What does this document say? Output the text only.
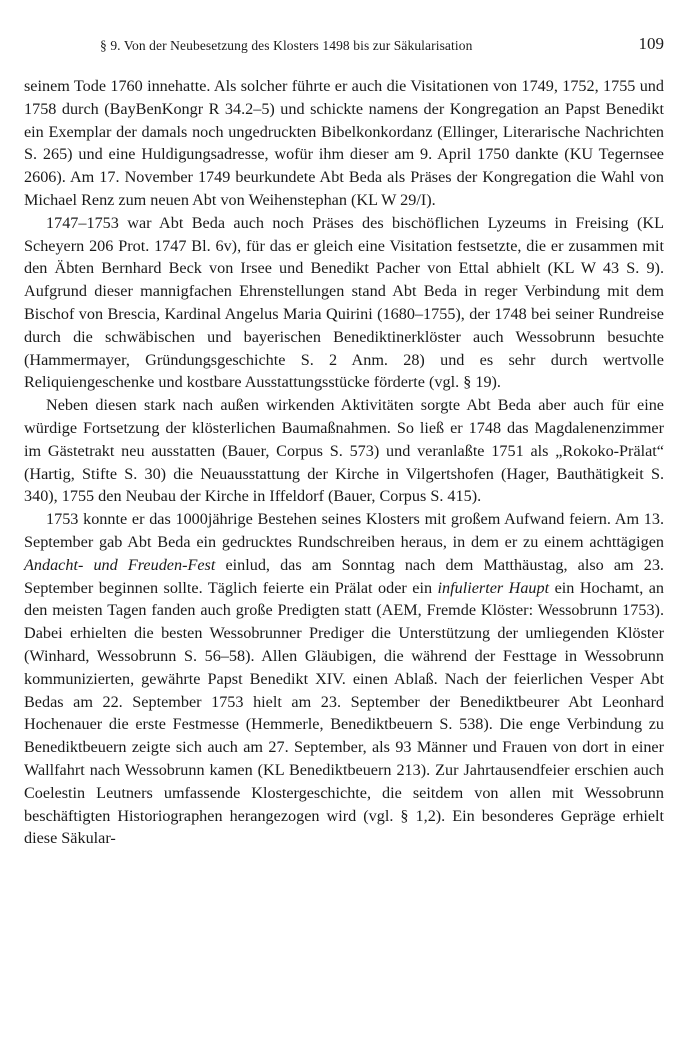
§ 9. Von der Neubesetzung des Klosters 1498 bis zur Säkularisation	109

seinem Tode 1760 innehatte. Als solcher führte er auch die Visitationen von 1749, 1752, 1755 und 1758 durch (BayBenKongr R 34.2–5) und schickte namens der Kongregation an Papst Benedikt ein Exemplar der damals noch ungedruckten Bibelkonkordanz (Ellinger, Literarische Nachrichten S. 265) und eine Huldigungsadresse, wofür ihm dieser am 9. April 1750 dankte (KU Tegernsee 2606). Am 17. November 1749 beurkundete Abt Beda als Präses der Kongregation die Wahl von Michael Renz zum neuen Abt von Weihenstephan (KL W 29/I).

1747–1753 war Abt Beda auch noch Präses des bischöflichen Lyzeums in Freising (KL Scheyern 206 Prot. 1747 Bl. 6v), für das er gleich eine Visitation festsetzte, die er zusammen mit den Äbten Bernhard Beck von Irsee und Benedikt Pacher von Ettal abhielt (KL W 43 S. 9). Aufgrund dieser mannigfachen Ehrenstellungen stand Abt Beda in reger Verbindung mit dem Bischof von Brescia, Kardinal Angelus Maria Quirini (1680–1755), der 1748 bei seiner Rundreise durch die schwäbischen und bayerischen Benediktinerklöster auch Wessobrunn besuchte (Hammermayer, Gründungsgeschichte S. 2 Anm. 28) und es sehr durch wertvolle Reliquiengeschenke und kostbare Ausstattungsstücke förderte (vgl. § 19).

Neben diesen stark nach außen wirkenden Aktivitäten sorgte Abt Beda aber auch für eine würdige Fortsetzung der klösterlichen Baumaßnahmen. So ließ er 1748 das Magdalenenzimmer im Gästetrakt neu ausstatten (Bauer, Corpus S. 573) und veranlaßte 1751 als „Rokoko-Prälat“ (Hartig, Stifte S. 30) die Neuausstattung der Kirche in Vilgertshofen (Hager, Bauthätigkeit S. 340), 1755 den Neubau der Kirche in Iffeldorf (Bauer, Corpus S. 415).

1753 konnte er das 1000jährige Bestehen seines Klosters mit großem Aufwand feiern. Am 13. September gab Abt Beda ein gedrucktes Rundschreiben heraus, in dem er zu einem achttägigen Andacht- und Freuden-Fest einlud, das am Sonntag nach dem Matthäustag, also am 23. September beginnen sollte. Täglich feierte ein Prälat oder ein infulierter Haupt ein Hochamt, an den meisten Tagen fanden auch große Predigten statt (AEM, Fremde Klöster: Wessobrunn 1753). Dabei erhielten die besten Wessobrunner Prediger die Unterstützung der umliegenden Klöster (Winhard, Wessobrunn S. 56–58). Allen Gläubigen, die während der Festtage in Wessobrunn kommunizierten, gewährte Papst Benedikt XIV. einen Ablaß. Nach der feierlichen Vesper Abt Bedas am 22. September 1753 hielt am 23. September der Benediktbeurer Abt Leonhard Hochenauer die erste Festmesse (Hemmerle, Benediktbeuern S. 538). Die enge Verbindung zu Benediktbeuern zeigte sich auch am 27. September, als 93 Männer und Frauen von dort in einer Wallfahrt nach Wessobrunn kamen (KL Benediktbeuern 213). Zur Jahrtausendfeier erschien auch Coelestin Leutners umfassende Klostergeschichte, die seitdem von allen mit Wessobrunn beschäftigten Historiographen herangezogen wird (vgl. § 1,2). Ein besonderes Gepräge erhielt diese Säkular-
